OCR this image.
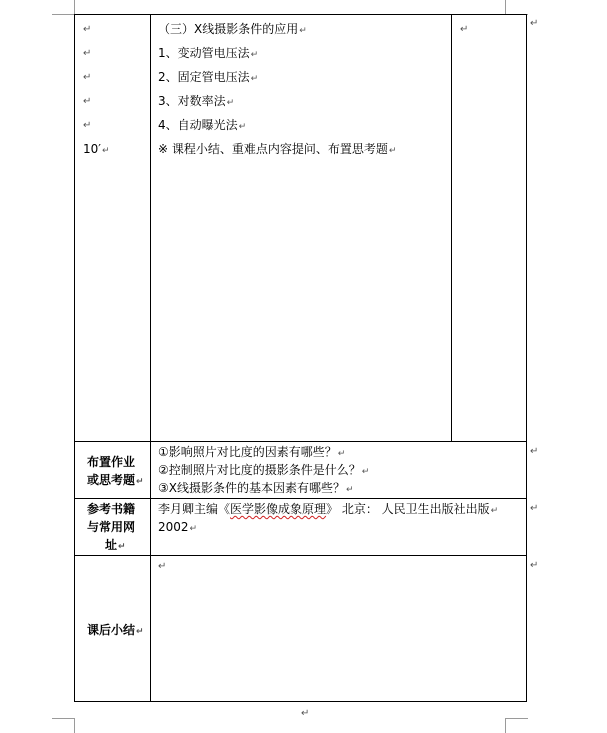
↵
↵
↵
↵
↵
10′↵
（三）X线摄影条件的应用↵
1、变动管电压法↵
2、固定管电压法↵
3、对数率法↵
4、自动曝光法↵
※ 课程小结、重难点内容提问、布置思考题↵
↵
↵
↵
↵
↵
布置作业
或思考题↵
①影响照片对比度的因素有哪些？↵
②控制照片对比度的摄影条件是什么？↵
③X线摄影条件的基本因素有哪些？↵
参考书籍
与常用网
址↵
李月卿主编《医学影像成象原理》 北京： 人民卫生出版社出版↵
2002↵
课后小结↵
↵
↵
